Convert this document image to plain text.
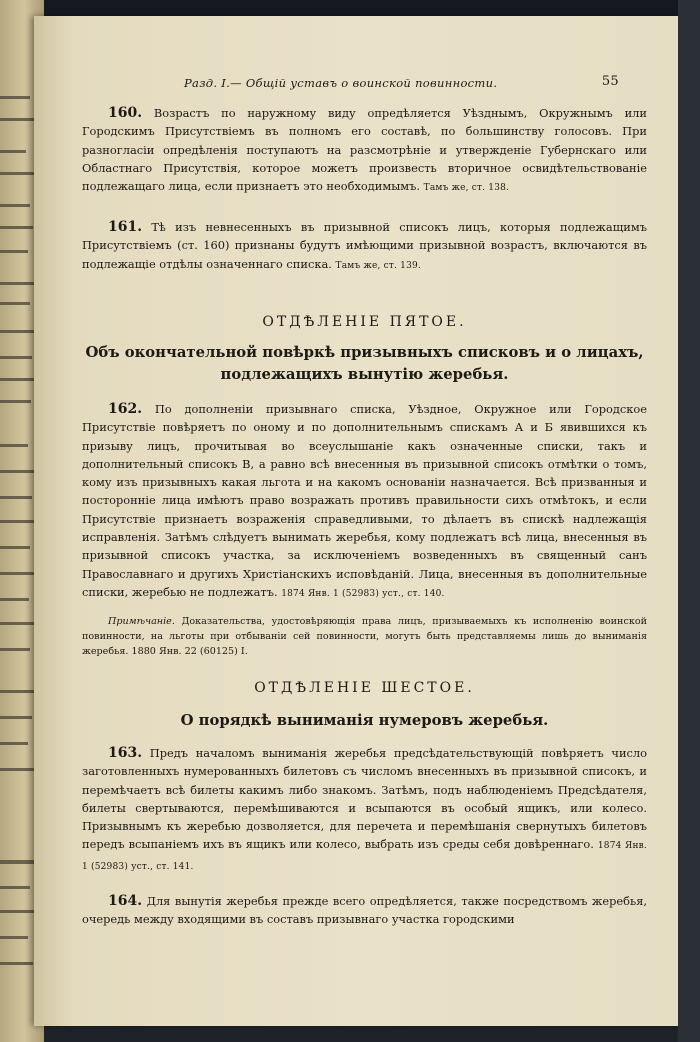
Разд. I.— Общій уставъ о воинской повинности.	55

160. Возрастъ по наружному виду опредѣляется Уѣзднымъ, Окружнымъ или Городскимъ Присутствіемъ въ полномъ его составѣ, по большинству голосовъ. При разногласіи опредѣленія поступаютъ на разсмотрѣніе и утвержденіе Губернскаго или Областнаго Присутствія, которое можетъ произвесть вторичное освидѣтельствованіе подлежащаго лица, если признаетъ это необходимымъ. Тамъ же, ст. 138.

161. Тѣ изъ невнесенныхъ въ призывной списокъ лицъ, которыя подлежащимъ Присутствіемъ (ст. 160) признаны будутъ имѣющими призывной возрастъ, включаются въ подлежащіе отдѣлы означеннаго списка. Тамъ же, ст. 139.

ОТДѢЛЕНІЕ ПЯТОЕ.
Объ окончательной повѣркѣ призывныхъ списковъ и о лицахъ, подлежащихъ вынутію жеребья.

162. По дополненіи призывнаго списка, Уѣздное, Окружное или Городское Присутствіе повѣряетъ по оному и по дополнительнымъ спискамъ А и Б явившихся къ призыву лицъ, прочитывая во всеуслышаніе какъ означенные списки, такъ и дополнительный списокъ В, а равно всѣ внесенныя въ призывной списокъ отмѣтки о томъ, кому изъ призывныхъ какая льгота и на какомъ основаніи назначается. Всѣ призванныя и посторонніе лица имѣютъ право возражать противъ правильности сихъ отмѣтокъ, и если Присутствіе признаетъ возраженія справедливыми, то дѣлаетъ въ спискѣ надлежащія исправленія. Затѣмъ слѣдуетъ вынимать жеребья, кому подлежатъ всѣ лица, внесенныя въ призывной списокъ участка, за исключеніемъ возведенныхъ въ священный санъ Православнаго и другихъ Христіанскихъ исповѣданій. Лица, внесенныя въ дополнительные списки, жеребью не подлежатъ. 1874 Янв. 1 (52983) уст., ст. 140.

Примѣчаніе. Доказательства, удостовѣряющія права лицъ, призываемыхъ къ исполненію воинской повинности, на льготы при отбываніи сей повинности, могутъ быть представляемы лишь до выниманія жеребья. 1880 Янв. 22 (60125) I.

ОТДѢЛЕНІЕ ШЕСТОЕ.
О порядкѣ выниманія нумеровъ жеребья.

163. Предъ началомъ выниманія жеребья предсѣдательствующій повѣряетъ число заготовленныхъ нумерованныхъ билетовъ съ числомъ внесенныхъ въ призывной списокъ, и перемѣчаетъ всѣ билеты какимъ либо знакомъ. Затѣмъ, подъ наблюденіемъ Предсѣдателя, билеты свертываются, перемѣшиваются и всыпаются въ особый ящикъ, или колесо. Призывнымъ къ жеребью дозволяется, для перечета и перемѣшанія свернутыхъ билетовъ передъ всыпаніемъ ихъ въ ящикъ или колесо, выбрать изъ среды себя довѣреннаго. 1874 Янв. 1 (52983) уст., ст. 141.

164. Для вынутія жеребья прежде всего опредѣляется, также посредствомъ жеребья, очередь между входящими въ составъ призывнаго участка городскими
